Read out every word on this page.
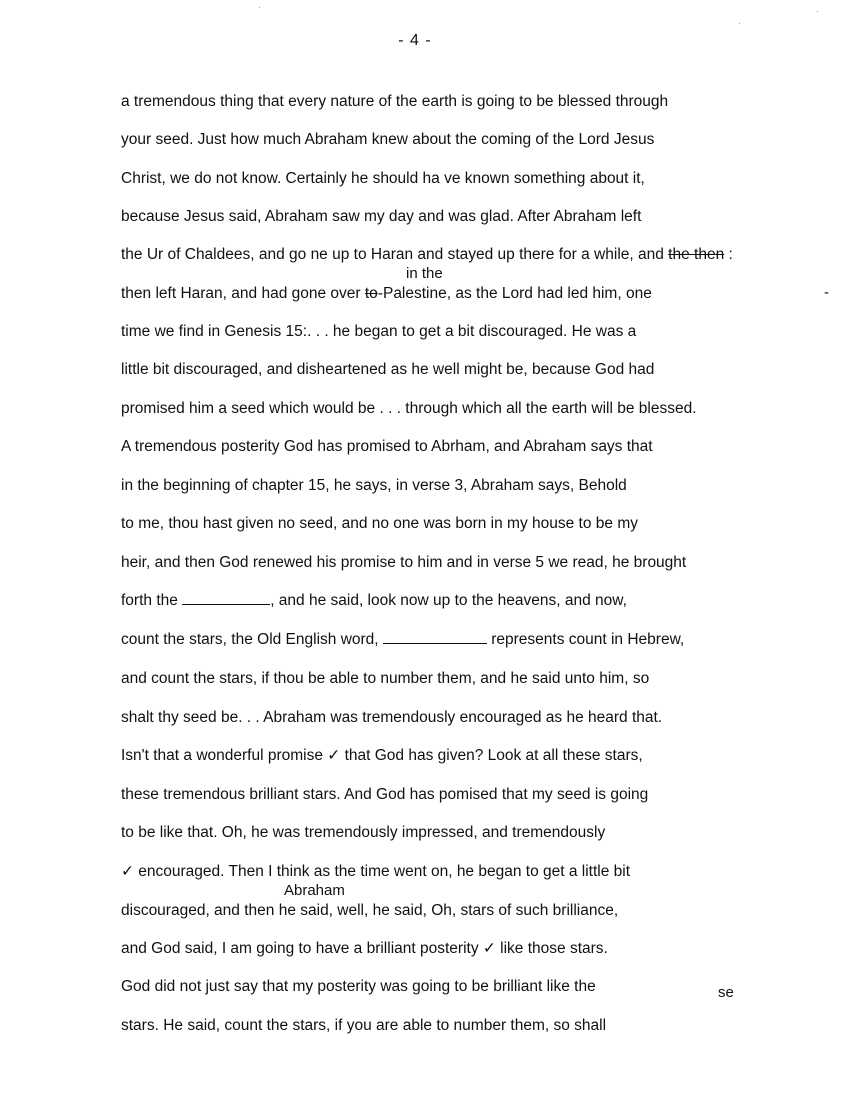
- 4 -
a tremendous thing that every nature of the earth is going to be blessed through
your seed. Just how much Abraham knew about the coming of the Lord Jesus
Christ, we do not know. Certainly he should ha ve known something about it,
because Jesus said, Abraham saw my day and was glad. After Abraham left
the Ur of Chaldees, and go ne up to Haran and stayed up there for a while, and the then :
in the
then left Haran, and had gone over to-Palestine, as the Lord had led him, one	-
time we find in Genesis 15:. . . he began to get a bit discouraged. He was a
little bit discouraged, and disheartened as he well might be, because God had
promised him a seed which would be . . . through which all the earth will be blessed.
A tremendous posterity God has promised to Abrham, and Abraham says that
in the beginning of chapter 15, he says, in verse 3, Abraham says, Behold
to me, thou hast given no seed, and no one was born in my house to be my
heir, and then God renewed his promise to him and in verse 5 we read, he brought
forth the	, and he said, look now up to the heavens, and now,
count the stars, the Old English word,	represents count in Hebrew,
and count the stars, if thou be able to number them, and he said unto him, so
shalt thy seed be. . . Abraham was tremendously encouraged as he heard that.
Isn't that a wonderful promise ✓ that God has given? Look at all these stars,
these tremendous brilliant stars. And God has pomised that my seed is going
to be like that. Oh, he was tremendously impressed, and tremendously
✓ encouraged. Then I think as the time went on, he began to get a little bit
Abraham
discouraged, and then he said, well, he said, Oh, stars of such brilliance,
and God said, I am going to have a brilliant posterity ✓ like those stars.
God did not just say that my posterity was going to be brilliant like the	se
stars. He said, count the stars, if you are able to number them, so shall
·	·
·
